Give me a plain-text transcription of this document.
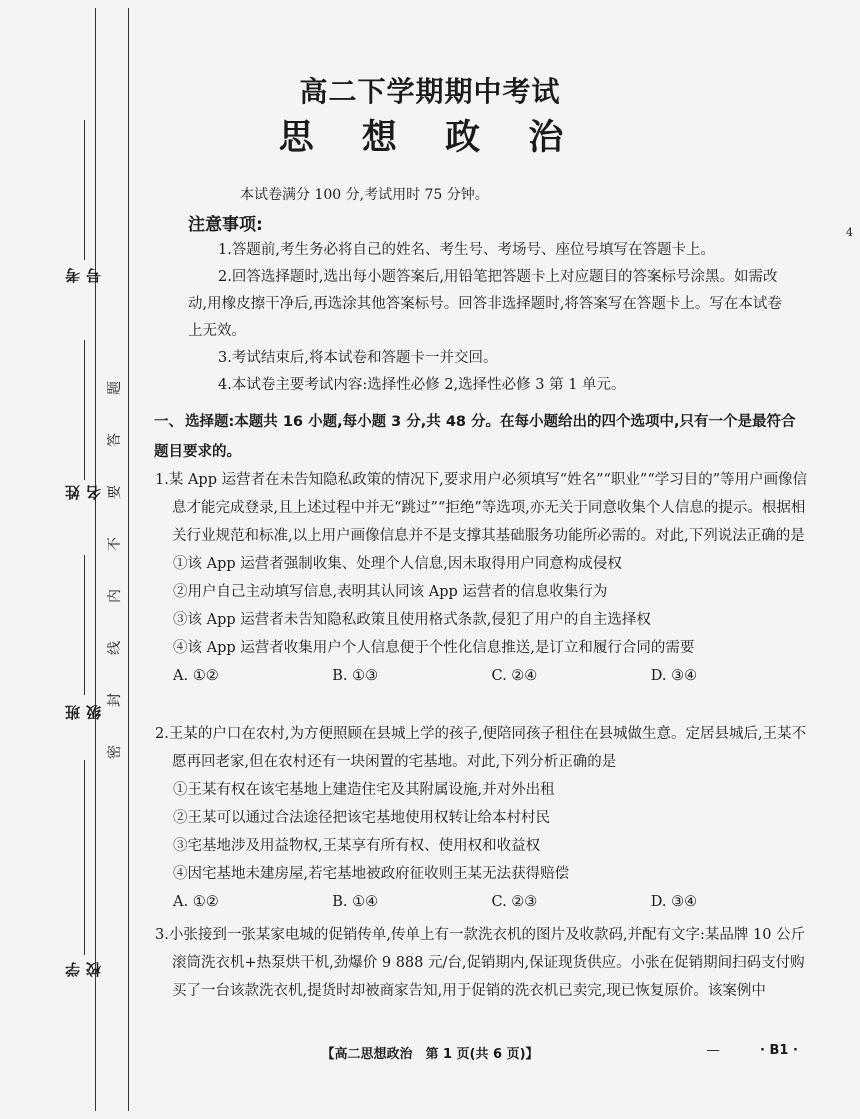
考号
姓名
班级
学校
题
答
要
不
内
线
封
密
高二下学期期中考试
思 想 政 治
本试卷满分 100 分,考试用时 75 分钟。
4
注意事项:

1.答题前,考生务必将自己的姓名、考生号、考场号、座位号填写在答题卡上。

2.回答选择题时,选出每小题答案后,用铅笔把答题卡上对应题目的答案标号涂黑。如需改动,用橡皮擦干净后,再选涂其他答案标号。回答非选择题时,将答案写在答题卡上。写在本试卷上无效。

3.考试结束后,将本试卷和答题卡一并交回。

4.本试卷主要考试内容:选择性必修 2,选择性必修 3 第 1 单元。

一、 选择题:本题共 16 小题,每小题 3 分,共 48 分。在每小题给出的四个选项中,只有一个是最符合题目要求的。

1.某 App 运营者在未告知隐私政策的情况下,要求用户必须填写“姓名”“职业”“学习目的”等用户画像信息才能完成登录,且上述过程中并无“跳过”“拒绝”等选项,亦无关于同意收集个人信息的提示。根据相关行业规范和标准,以上用户画像信息并不是支撑其基础服务功能所必需的。对此,下列说法正确的是

①该 App 运营者强制收集、处理个人信息,因未取得用户同意构成侵权

②用户自己主动填写信息,表明其认同该 App 运营者的信息收集行为

③该 App 运营者未告知隐私政策且使用格式条款,侵犯了用户的自主选择权

④该 App 运营者收集用户个人信息便于个性化信息推送,是订立和履行合同的需要

A. ①②	B. ①③	C. ②④	D. ③④

2.王某的户口在农村,为方便照顾在县城上学的孩子,便陪同孩子租住在县城做生意。定居县城后,王某不愿再回老家,但在农村还有一块闲置的宅基地。对此,下列分析正确的是

①王某有权在该宅基地上建造住宅及其附属设施,并对外出租

②王某可以通过合法途径把该宅基地使用权转让给本村村民

③宅基地涉及用益物权,王某享有所有权、使用权和收益权

④因宅基地未建房屋,若宅基地被政府征收则王某无法获得赔偿

A. ①②	B. ①④	C. ②③	D. ③④

3.小张接到一张某家电城的促销传单,传单上有一款洗衣机的图片及收款码,并配有文字:某品牌 10 公斤滚筒洗衣机+热泵烘干机,劲爆价 9 888 元/台,促销期内,保证现货供应。小张在促销期间扫码支付购买了一台该款洗衣机,提货时却被商家告知,用于促销的洗衣机已卖完,现已恢复原价。该案例中

【高二思想政治　第 1 页(共 6 页)】	· B1 ·
